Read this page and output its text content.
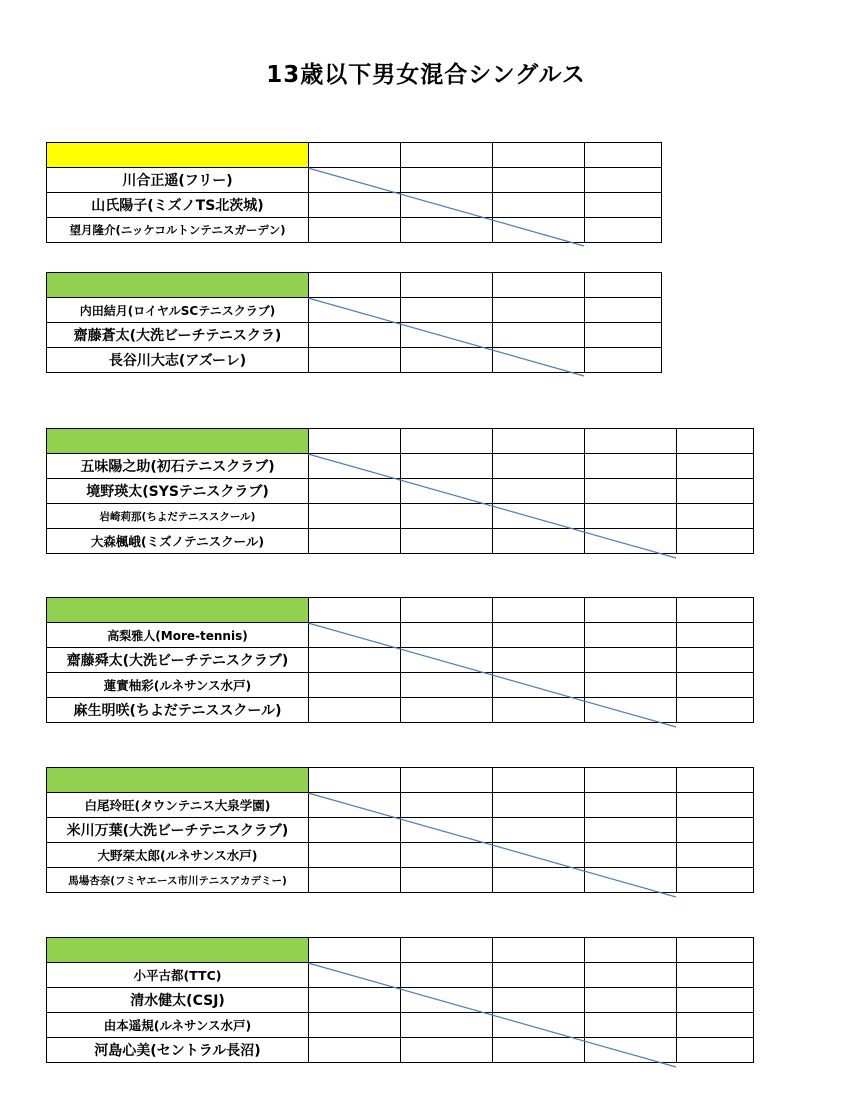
13歳以下男女混合シングルス

川合正遥(フリー)				
山氏陽子(ミズノTS北茨城)				
望月隆介(ニッケコルトンテニスガーデン)				

内田結月(ロイヤルSCテニスクラブ)				
齋藤蒼太(大洗ビーチテニスクラ)				
長谷川大志(アズーレ)				

五味陽之助(初石テニスクラブ)					
境野瑛太(SYSテニスクラブ)					
岩崎莉那(ちよだテニススクール)					
大森楓峨(ミズノテニスクール)					

高梨雅人(More-tennis)					
齋藤舜太(大洗ビーチテニスクラブ)					
蓮實柚彩(ルネサンス水戸)					
麻生明咲(ちよだテニススクール)					

白尾玲旺(タウンテニス大泉学園)					
米川万葉(大洗ビーチテニスクラブ)					
大野栞太郎(ルネサンス水戸)					
馬場杏奈(フミヤエース市川テニスアカデミー)					

小平古都(TTC)					
清水健太(CSJ)					
由本遥規(ルネサンス水戸)					
河島心美(セントラル長沼)					
